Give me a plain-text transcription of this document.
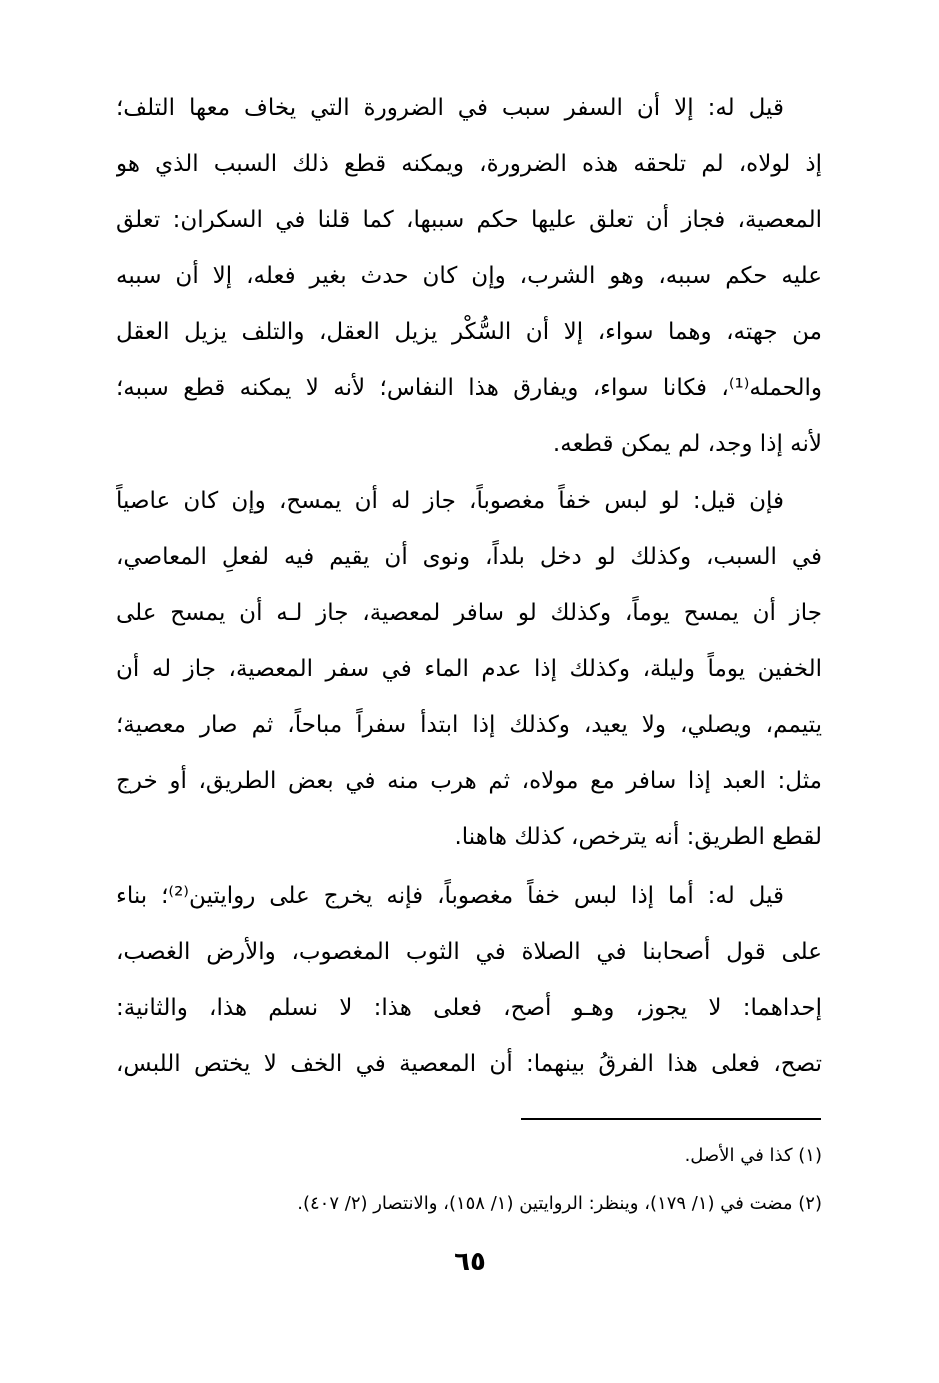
قيل له: إلا أن السفر سبب في الضرورة التي يخاف معها التلف؛
إذ لولاه، لم تلحقه هذه الضرورة، ويمكنه قطع ذلك السبب الذي هو
المعصية، فجاز أن تعلق عليها حكم سببها، كما قلنا في السكران: تعلق
عليه حكم سببه، وهو الشرب، وإن كان حدث بغير فعله، إلا أن سببه
من جهته، وهما سواء، إلا أن السُّكْر يزيل العقل، والتلف يزيل العقل
والحمله⁽¹⁾، فكانا سواء، ويفارق هذا النفاس؛ لأنه لا يمكنه قطع سببه؛
لأنه إذا وجد، لم يمكن قطعه.
فإن قيل: لو لبس خفاً مغصوباً، جاز له أن يمسح، وإن كان عاصياً
في السبب، وكذلك لو دخل بلداً، ونوى أن يقيم فيه لفعلِ المعاصي،
جاز أن يمسح يوماً، وكذلك لو سافر لمعصية، جاز لـه أن يمسح على
الخفين يوماً وليلة، وكذلك إذا عدم الماء في سفر المعصية، جاز له أن
يتيمم، ويصلي، ولا يعيد، وكذلك إذا ابتدأ سفراً مباحاً، ثم صار معصية؛
مثل: العبد إذا سافر مع مولاه، ثم هرب منه في بعض الطريق، أو خرج
لقطع الطريق: أنه يترخص، كذلك هاهنا.
قيل له: أما إذا لبس خفاً مغصوباً، فإنه يخرج على روايتين⁽²⁾؛ بناء
على قول أصحابنا في الصلاة في الثوب المغصوب، والأرض الغصب،
إحداهما: لا يجوز، وهـو أصح، فعلى هذا: لا نسلم هذا، والثانية:
تصح، فعلى هذا الفرقُ بينهما: أن المعصية في الخف لا يختص اللبس،
(١) كذا في الأصل.
(٢) مضت في (١/ ١٧٩)، وينظر: الروايتين (١/ ١٥٨)، والانتصار (٢/ ٤٠٧).
٦٥
